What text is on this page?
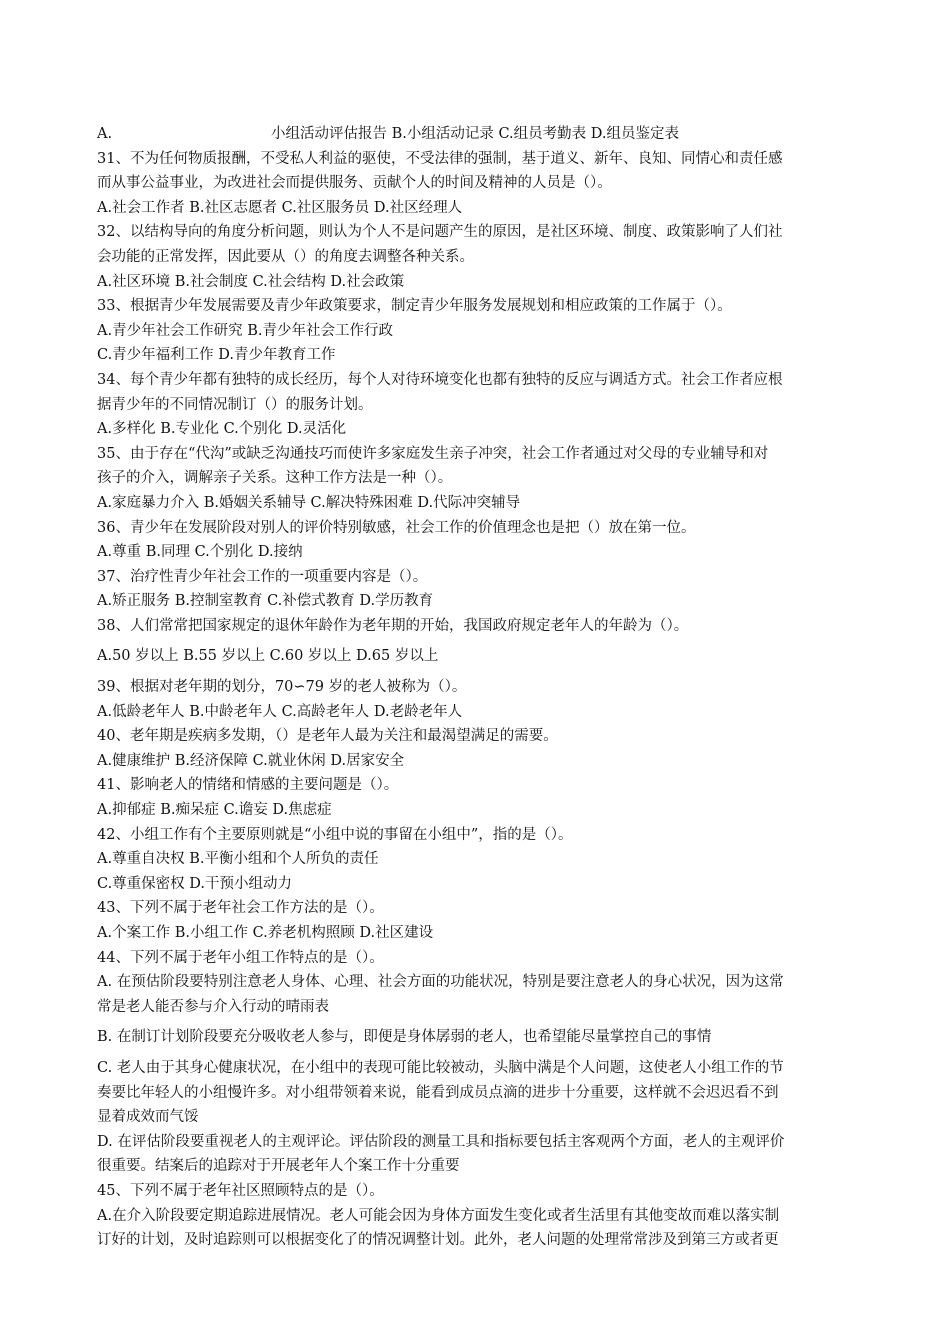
A.	小组活动评估报告 B.小组活动记录 C.组员考勤表 D.组员鉴定表
31、不为任何物质报酬，不受私人利益的驱使，不受法律的强制，基于道义、新年、良知、同情心和责任感
而从事公益事业，为改进社会而提供服务、贡献个人的时间及精神的人员是（）。
A.社会工作者 B.社区志愿者 C.社区服务员 D.社区经理人
32、以结构导向的角度分析问题，则认为个人不是问题产生的原因，是社区环境、制度、政策影响了人们社
会功能的正常发挥，因此要从（）的角度去调整各种关系。
A.社区环境 B.社会制度 C.社会结构 D.社会政策
33、根据青少年发展需要及青少年政策要求，制定青少年服务发展规划和相应政策的工作属于（）。
A.青少年社会工作研究 B.青少年社会工作行政
C.青少年福利工作 D.青少年教育工作
34、每个青少年都有独特的成长经历，每个人对待环境变化也都有独特的反应与调适方式。社会工作者应根
据青少年的不同情况制订（）的服务计划。
A.多样化 B.专业化 C.个别化 D.灵活化
35、由于存在“代沟”或缺乏沟通技巧而使许多家庭发生亲子冲突，社会工作者通过对父母的专业辅导和对
孩子的介入，调解亲子关系。这种工作方法是一种（）。
A.家庭暴力介入 B.婚姻关系辅导 C.解决特殊困难 D.代际冲突辅导
36、青少年在发展阶段对别人的评价特别敏感，社会工作的价值理念也是把（）放在第一位。
A.尊重 B.同理 C.个别化 D.接纳
37、治疗性青少年社会工作的一项重要内容是（）。
A.矫正服务 B.控制室教育 C.补偿式教育 D.学历教育
38、人们常常把国家规定的退休年龄作为老年期的开始，我国政府规定老年人的年龄为（）。
A.50 岁以上 B.55 岁以上 C.60 岁以上 D.65 岁以上
39、根据对老年期的划分，70∽79 岁的老人被称为（）。
A.低龄老年人 B.中龄老年人 C.高龄老年人 D.老龄老年人
40、老年期是疾病多发期，（）是老年人最为关注和最渴望满足的需要。
A.健康维护 B.经济保障 C.就业休闲 D.居家安全
41、影响老人的情绪和情感的主要问题是（）。
A.抑郁症 B.痴呆症 C.谵妄 D.焦虑症
42、小组工作有个主要原则就是“小组中说的事留在小组中”，指的是（）。
A.尊重自决权 B.平衡小组和个人所负的责任
C.尊重保密权 D.干预小组动力
43、下列不属于老年社会工作方法的是（）。
A.个案工作 B.小组工作 C.养老机构照顾 D.社区建设
44、下列不属于老年小组工作特点的是（）。
A. 在预估阶段要特别注意老人身体、心理、社会方面的功能状况，特别是要注意老人的身心状况，因为这常
常是老人能否参与介入行动的晴雨表
B. 在制订计划阶段要充分吸收老人参与，即便是身体孱弱的老人，也希望能尽量掌控自己的事情
C. 老人由于其身心健康状况，在小组中的表现可能比较被动，头脑中满是个人问题，这使老人小组工作的节
奏要比年轻人的小组慢许多。对小组带领着来说，能看到成员点滴的进步十分重要，这样就不会迟迟看不到
显着成效而气馁
D. 在评估阶段要重视老人的主观评论。评估阶段的测量工具和指标要包括主客观两个方面，老人的主观评价
很重要。结案后的追踪对于开展老年人个案工作十分重要
45、下列不属于老年社区照顾特点的是（）。
A.在介入阶段要定期追踪进展情况。老人可能会因为身体方面发生变化或者生活里有其他变故而难以落实制
订好的计划，及时追踪则可以根据变化了的情况调整计划。此外，老人问题的处理常常涉及到第三方或者更
